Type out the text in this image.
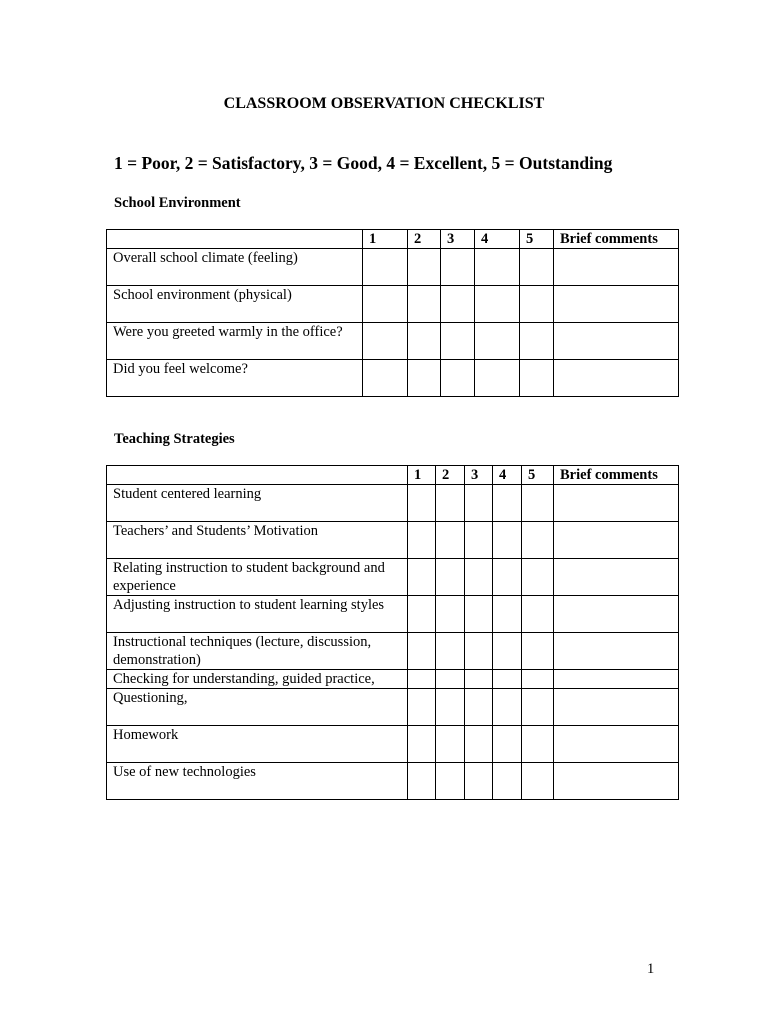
CLASSROOM OBSERVATION CHECKLIST
1 = Poor, 2 = Satisfactory, 3 = Good, 4 = Excellent, 5 = Outstanding
School Environment
	1	2	3	4	5	Brief comments
Overall school climate (feeling)						
School environment (physical)						
Were you greeted warmly in the office?						
Did you feel welcome?						
Teaching Strategies
	1	2	3	4	5	Brief comments
Student centered learning						
Teachers’ and Students’ Motivation						
Relating instruction to student background and experience						
Adjusting instruction to student learning styles						
Instructional techniques (lecture, discussion, demonstration)						
Checking for understanding, guided practice,						
Questioning,						
Homework						
Use of new technologies						
1
